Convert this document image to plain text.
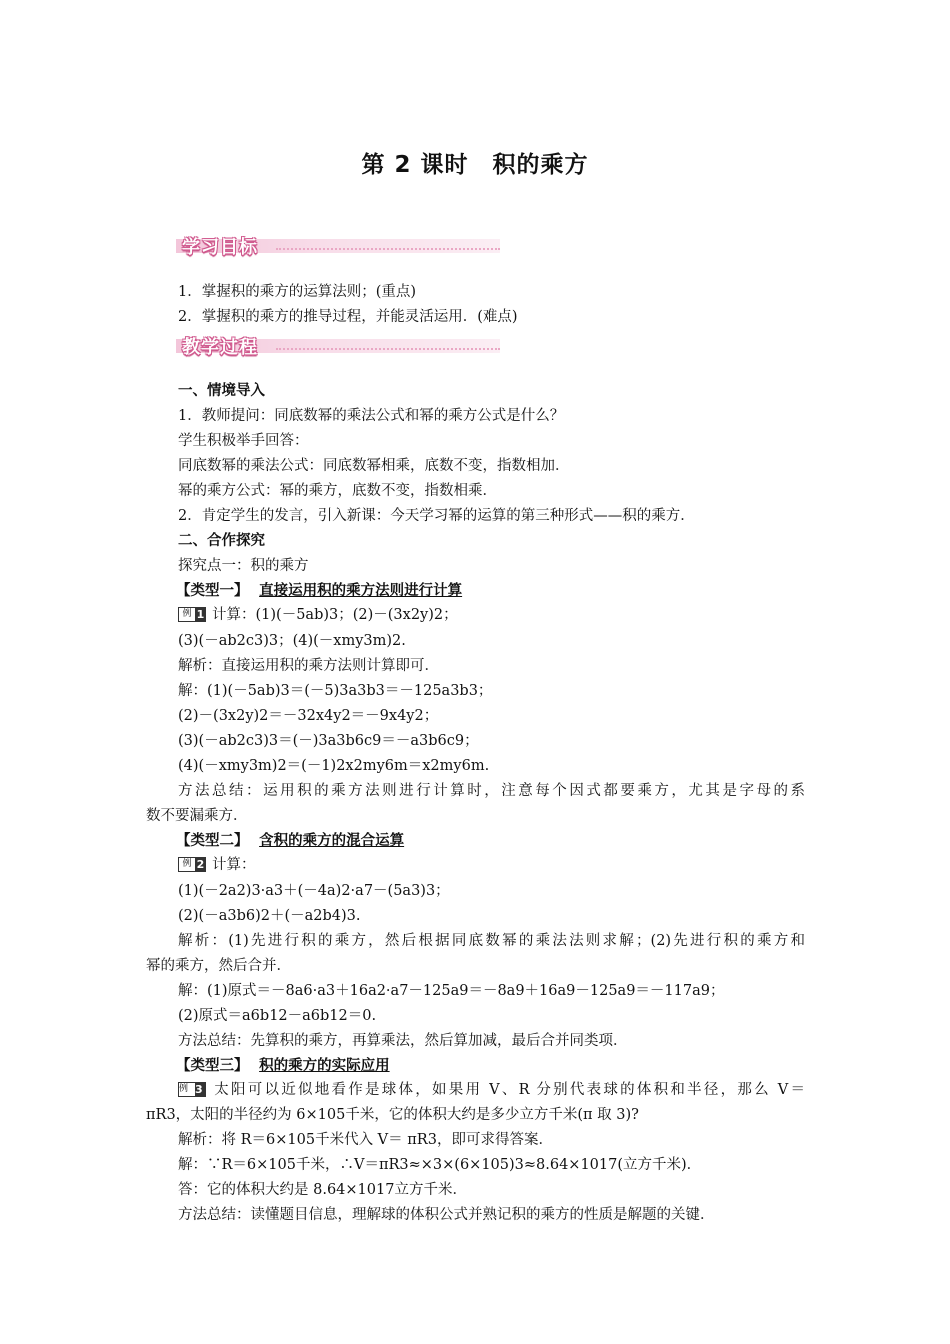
第 2 课时　积的乘方
学习目标
1．掌握积的乘方的运算法则；(重点)
2．掌握积的乘方的推导过程，并能灵活运用．(难点)
教学过程
一、情境导入
1．教师提问：同底数幂的乘法公式和幂的乘方公式是什么？
学生积极举手回答：
同底数幂的乘法公式：同底数幂相乘，底数不变，指数相加．
幂的乘方公式：幂的乘方，底数不变，指数相乘．
2．肯定学生的发言，引入新课：今天学习幂的运算的第三种形式——积的乘方．
二、合作探究
探究点一：积的乘方
【类型一】 直接运用积的乘方法则进行计算
例 1 计算：(1)(－5ab)3；(2)－(3x2y)2；
(3)(－ab2c3)3；(4)(－xmy3m)2.
解析：直接运用积的乘方法则计算即可．
解：(1)(－5ab)3＝(－5)3a3b3＝－125a3b3；
(2)－(3x2y)2＝－32x4y2＝－9x4y2；
(3)(－ab2c3)3＝(－)3a3b6c9＝－a3b6c9；
(4)(－xmy3m)2＝(－1)2x2my6m＝x2my6m.
方法总结：运用积的乘方法则进行计算时，注意每个因式都要乘方，尤其是字母的系
数不要漏乘方．
【类型二】 含积的乘方的混合运算
例 2 计算：
(1)(－2a2)3·a3＋(－4a)2·a7－(5a3)3；
(2)(－a3b6)2＋(－a2b4)3.
解析：(1)先进行积的乘方，然后根据同底数幂的乘法法则求解；(2)先进行积的乘方和
幂的乘方，然后合并．
解：(1)原式＝－8a6·a3＋16a2·a7－125a9＝－8a9＋16a9－125a9＝－117a9；
(2)原式＝a6b12－a6b12＝0.
方法总结：先算积的乘方，再算乘法，然后算加减，最后合并同类项．
【类型三】 积的乘方的实际应用
例 3 太阳可以近似地看作是球体，如果用 V、R 分别代表球的体积和半径，那么 V＝
πR3，太阳的半径约为 6×105千米，它的体积大约是多少立方千米(π 取 3)?
解析：将 R＝6×105千米代入 V＝ πR3，即可求得答案．
解：∵R＝6×105千米，∴V＝πR3≈×3×(6×105)3≈8.64×1017(立方千米)．
答：它的体积大约是 8.64×1017立方千米．
方法总结：读懂题目信息，理解球的体积公式并熟记积的乘方的性质是解题的关键．
